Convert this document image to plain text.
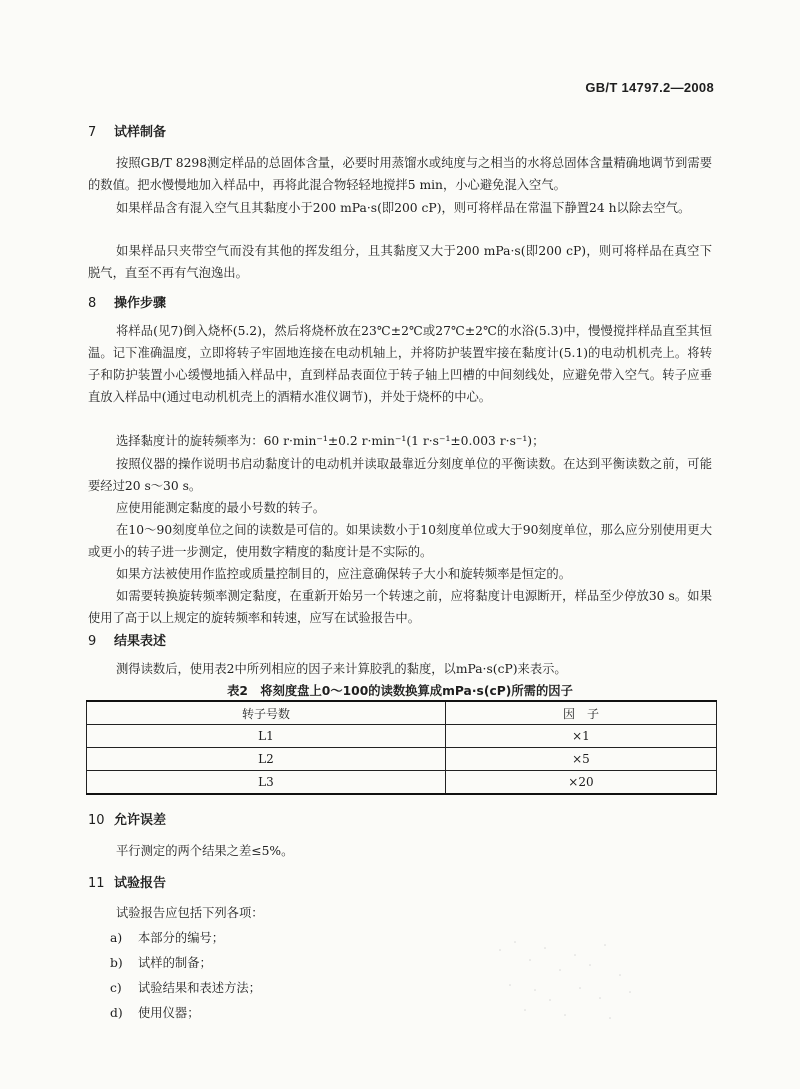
GB/T 14797.2—2008
7 试样制备
按照GB/T 8298测定样品的总固体含量，必要时用蒸馏水或纯度与之相当的水将总固体含量精确地调节到需要的数值。把水慢慢地加入样品中，再将此混合物轻轻地搅拌5 min，小心避免混入空气。
如果样品含有混入空气且其黏度小于200 mPa·s(即200 cP)，则可将样品在常温下静置24 h以除去空气。
如果样品只夹带空气而没有其他的挥发组分，且其黏度又大于200 mPa·s(即200 cP)，则可将样品在真空下脱气，直至不再有气泡逸出。
8 操作步骤
将样品(见7)倒入烧杯(5.2)，然后将烧杯放在23℃±2℃或27℃±2℃的水浴(5.3)中，慢慢搅拌样品直至其恒温。记下准确温度，立即将转子牢固地连接在电动机轴上，并将防护装置牢接在黏度计(5.1)的电动机机壳上。将转子和防护装置小心缓慢地插入样品中，直到样品表面位于转子轴上凹槽的中间刻线处，应避免带入空气。转子应垂直放入样品中(通过电动机机壳上的酒精水准仪调节)，并处于烧杯的中心。
选择黏度计的旋转频率为：60 r·min⁻¹±0.2 r·min⁻¹(1 r·s⁻¹±0.003 r·s⁻¹)；
按照仪器的操作说明书启动黏度计的电动机并读取最靠近分刻度单位的平衡读数。在达到平衡读数之前，可能要经过20 s～30 s。
应使用能测定黏度的最小号数的转子。
在10～90刻度单位之间的读数是可信的。如果读数小于10刻度单位或大于90刻度单位，那么应分别使用更大或更小的转子进一步测定，使用数字精度的黏度计是不实际的。
如果方法被使用作监控或质量控制目的，应注意确保转子大小和旋转频率是恒定的。
如需要转换旋转频率测定黏度，在重新开始另一个转速之前，应将黏度计电源断开，样品至少停放30 s。如果使用了高于以上规定的旋转频率和转速，应写在试验报告中。
9 结果表述
测得读数后，使用表2中所列相应的因子来计算胶乳的黏度，以mPa·s(cP)来表示。
表2　将刻度盘上0～100的读数换算成mPa·s(cP)所需的因子
转子号数	因　子
L1	×1
L2	×5
L3	×20
10 允许误差
平行测定的两个结果之差≤5%。
11 试验报告
试验报告应包括下列各项：
a) 本部分的编号；
b) 试样的制备；
c) 试验结果和表述方法；
d) 使用仪器；
